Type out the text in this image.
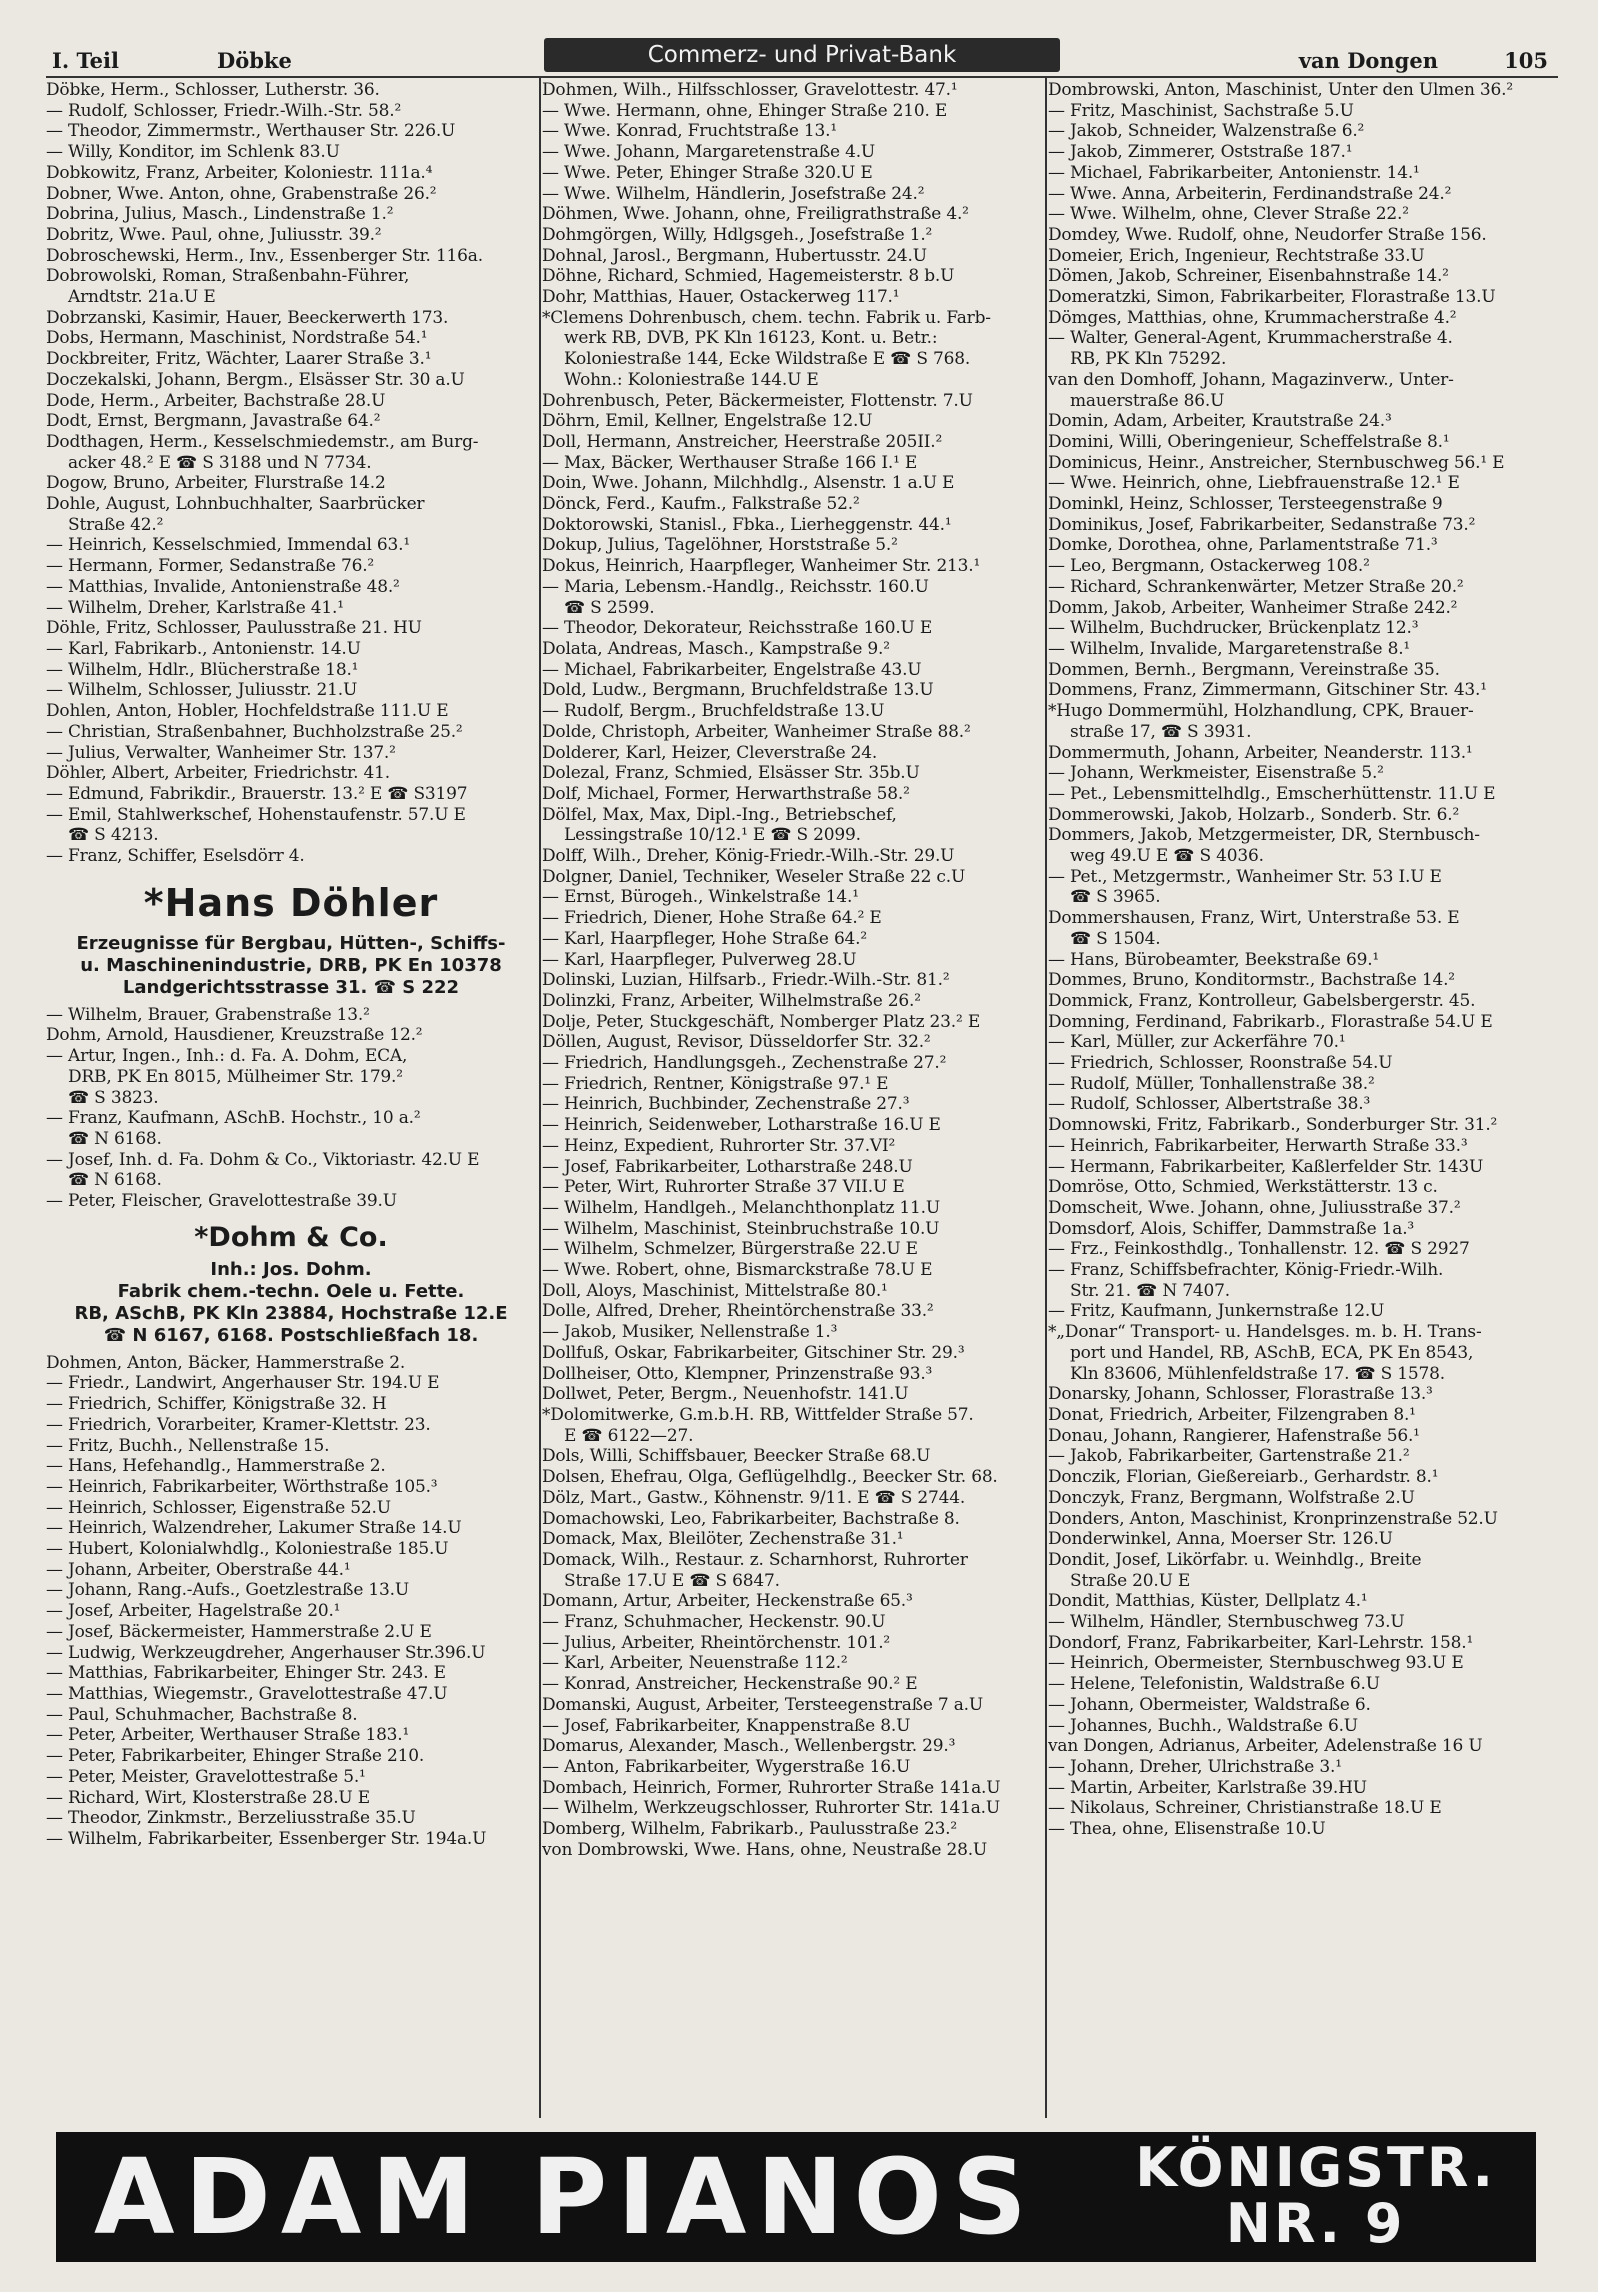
I. Teil	Döbke	Commerz- und Privat-Bank	van Dongen	105
Döbke, Herm., Schlosser, Lutherstr. 36.
— Rudolf, Schlosser, Friedr.-Wilh.-Str. 58.²
— Theodor, Zimmermstr., Werthauser Str. 226.U
— Willy, Konditor, im Schlenk 83.U
Dobkowitz, Franz, Arbeiter, Koloniestr. 111a.⁴
Dobner, Wwe. Anton, ohne, Grabenstraße 26.²
Dobrina, Julius, Masch., Lindenstraße 1.²
Dobritz, Wwe. Paul, ohne, Juliusstr. 39.²
Dobroschewski, Herm., Inv., Essenberger Str. 116a.
Dobrowolski, Roman, Straßenbahn-Führer,
Arndtstr. 21a.U E
Dobrzanski, Kasimir, Hauer, Beeckerwerth 173.
Dobs, Hermann, Maschinist, Nordstraße 54.¹
Dockbreiter, Fritz, Wächter, Laarer Straße 3.¹
Doczekalski, Johann, Bergm., Elsässer Str. 30 a.U
Dode, Herm., Arbeiter, Bachstraße 28.U
Dodt, Ernst, Bergmann, Javastraße 64.²
Dodthagen, Herm., Kesselschmiedemstr., am Burg-
acker 48.² E ☎ S 3188 und N 7734.
Dogow, Bruno, Arbeiter, Flurstraße 14.2
Dohle, August, Lohnbuchhalter, Saarbrücker
Straße 42.²
— Heinrich, Kesselschmied, Immendal 63.¹
— Hermann, Former, Sedanstraße 76.²
— Matthias, Invalide, Antonienstraße 48.²
— Wilhelm, Dreher, Karlstraße 41.¹
Döhle, Fritz, Schlosser, Paulusstraße 21. HU
— Karl, Fabrikarb., Antonienstr. 14.U
— Wilhelm, Hdlr., Blücherstraße 18.¹
— Wilhelm, Schlosser, Juliusstr. 21.U
Dohlen, Anton, Hobler, Hochfeldstraße 111.U E
— Christian, Straßenbahner, Buchholzstraße 25.²
— Julius, Verwalter, Wanheimer Str. 137.²
Döhler, Albert, Arbeiter, Friedrichstr. 41.
— Edmund, Fabrikdir., Brauerstr. 13.² E ☎ S3197
— Emil, Stahlwerkschef, Hohenstaufenstr. 57.U E
☎ S 4213.
— Franz, Schiffer, Eselsdörr 4.
*Hans Döhler
Erzeugnisse für Bergbau, Hütten-, Schiffs-
u. Maschinenindustrie, DRB, PK En 10378
Landgerichtsstrasse 31. ☎ S 222
— Wilhelm, Brauer, Grabenstraße 13.²
Dohm, Arnold, Hausdiener, Kreuzstraße 12.²
— Artur, Ingen., Inh.: d. Fa. A. Dohm, ECA,
DRB, PK En 8015, Mülheimer Str. 179.²
☎ S 3823.
— Franz, Kaufmann, ASchB. Hochstr., 10 a.²
☎ N 6168.
— Josef, Inh. d. Fa. Dohm & Co., Viktoriastr. 42.U E
☎ N 6168.
— Peter, Fleischer, Gravelottestraße 39.U
*Dohm & Co.
Inh.: Jos. Dohm.
Fabrik chem.-techn. Oele u. Fette.
RB, ASchB, PK Kln 23884, Hochstraße 12.E
☎ N 6167, 6168. Postschließfach 18.
Dohmen, Anton, Bäcker, Hammerstraße 2.
— Friedr., Landwirt, Angerhauser Str. 194.U E
— Friedrich, Schiffer, Königstraße 32. H
— Friedrich, Vorarbeiter, Kramer-Klettstr. 23.
— Fritz, Buchh., Nellenstraße 15.
— Hans, Hefehandlg., Hammerstraße 2.
— Heinrich, Fabrikarbeiter, Wörthstraße 105.³
— Heinrich, Schlosser, Eigenstraße 52.U
— Heinrich, Walzendreher, Lakumer Straße 14.U
— Hubert, Kolonialwhdlg., Koloniestraße 185.U
— Johann, Arbeiter, Oberstraße 44.¹
— Johann, Rang.-Aufs., Goetzlestraße 13.U
— Josef, Arbeiter, Hagelstraße 20.¹
— Josef, Bäckermeister, Hammerstraße 2.U E
— Ludwig, Werkzeugdreher, Angerhauser Str.396.U
— Matthias, Fabrikarbeiter, Ehinger Str. 243. E
— Matthias, Wiegemstr., Gravelottestraße 47.U
— Paul, Schuhmacher, Bachstraße 8.
— Peter, Arbeiter, Werthauser Straße 183.¹
— Peter, Fabrikarbeiter, Ehinger Straße 210.
— Peter, Meister, Gravelottestraße 5.¹
— Richard, Wirt, Klosterstraße 28.U E
— Theodor, Zinkmstr., Berzeliusstraße 35.U
— Wilhelm, Fabrikarbeiter, Essenberger Str. 194a.U
Dohmen, Wilh., Hilfsschlosser, Gravelottestr. 47.¹
— Wwe. Hermann, ohne, Ehinger Straße 210. E
— Wwe. Konrad, Fruchtstraße 13.¹
— Wwe. Johann, Margaretenstraße 4.U
— Wwe. Peter, Ehinger Straße 320.U E
— Wwe. Wilhelm, Händlerin, Josefstraße 24.²
Döhmen, Wwe. Johann, ohne, Freiligrathstraße 4.²
Dohmgörgen, Willy, Hdlgsgeh., Josefstraße 1.²
Dohnal, Jarosl., Bergmann, Hubertusstr. 24.U
Döhne, Richard, Schmied, Hagemeisterstr. 8 b.U
Dohr, Matthias, Hauer, Ostackerweg 117.¹
*Clemens Dohrenbusch, chem. techn. Fabrik u. Farb-
werk RB, DVB, PK Kln 16123, Kont. u. Betr.:
Koloniestraße 144, Ecke Wildstraße E ☎ S 768.
Wohn.: Koloniestraße 144.U E
Dohrenbusch, Peter, Bäckermeister, Flottenstr. 7.U
Döhrn, Emil, Kellner, Engelstraße 12.U
Doll, Hermann, Anstreicher, Heerstraße 205II.²
— Max, Bäcker, Werthauser Straße 166 I.¹ E
Doin, Wwe. Johann, Milchhdlg., Alsenstr. 1 a.U E
Dönck, Ferd., Kaufm., Falkstraße 52.²
Doktorowski, Stanisl., Fbka., Lierheggenstr. 44.¹
Dokup, Julius, Tagelöhner, Horststraße 5.²
Dokus, Heinrich, Haarpfleger, Wanheimer Str. 213.¹
— Maria, Lebensm.-Handlg., Reichsstr. 160.U
☎ S 2599.
— Theodor, Dekorateur, Reichsstraße 160.U E
Dolata, Andreas, Masch., Kampstraße 9.²
— Michael, Fabrikarbeiter, Engelstraße 43.U
Dold, Ludw., Bergmann, Bruchfeldstraße 13.U
— Rudolf, Bergm., Bruchfeldstraße 13.U
Dolde, Christoph, Arbeiter, Wanheimer Straße 88.²
Dolderer, Karl, Heizer, Cleverstraße 24.
Dolezal, Franz, Schmied, Elsässer Str. 35b.U
Dolf, Michael, Former, Herwarthstraße 58.²
Dölfel, Max, Max, Dipl.-Ing., Betriebschef,
Lessingstraße 10/12.¹ E ☎ S 2099.
Dolff, Wilh., Dreher, König-Friedr.-Wilh.-Str. 29.U
Dolgner, Daniel, Techniker, Weseler Straße 22 c.U
— Ernst, Bürogeh., Winkelstraße 14.¹
— Friedrich, Diener, Hohe Straße 64.² E
— Karl, Haarpfleger, Hohe Straße 64.²
— Karl, Haarpfleger, Pulverweg 28.U
Dolinski, Luzian, Hilfsarb., Friedr.-Wilh.-Str. 81.²
Dolinzki, Franz, Arbeiter, Wilhelmstraße 26.²
Dolje, Peter, Stuckgeschäft, Nomberger Platz 23.² E
Döllen, August, Revisor, Düsseldorfer Str. 32.²
— Friedrich, Handlungsgeh., Zechenstraße 27.²
— Friedrich, Rentner, Königstraße 97.¹ E
— Heinrich, Buchbinder, Zechenstraße 27.³
— Heinrich, Seidenweber, Lotharstraße 16.U E
— Heinz, Expedient, Ruhrorter Str. 37.VI²
— Josef, Fabrikarbeiter, Lotharstraße 248.U
— Peter, Wirt, Ruhrorter Straße 37 VII.U E
— Wilhelm, Handlgeh., Melanchthonplatz 11.U
— Wilhelm, Maschinist, Steinbruchstraße 10.U
— Wilhelm, Schmelzer, Bürgerstraße 22.U E
— Wwe. Robert, ohne, Bismarckstraße 78.U E
Doll, Aloys, Maschinist, Mittelstraße 80.¹
Dolle, Alfred, Dreher, Rheintörchenstraße 33.²
— Jakob, Musiker, Nellenstraße 1.³
Dollfuß, Oskar, Fabrikarbeiter, Gitschiner Str. 29.³
Dollheiser, Otto, Klempner, Prinzenstraße 93.³
Dollwet, Peter, Bergm., Neuenhofstr. 141.U
*Dolomitwerke, G.m.b.H. RB, Wittfelder Straße 57.
E ☎ 6122—27.
Dols, Willi, Schiffsbauer, Beecker Straße 68.U
Dolsen, Ehefrau, Olga, Geflügelhdlg., Beecker Str. 68.
Dölz, Mart., Gastw., Köhnenstr. 9/11. E ☎ S 2744.
Domachowski, Leo, Fabrikarbeiter, Bachstraße 8.
Domack, Max, Bleilöter, Zechenstraße 31.¹
Domack, Wilh., Restaur. z. Scharnhorst, Ruhrorter
Straße 17.U E ☎ S 6847.
Domann, Artur, Arbeiter, Heckenstraße 65.³
— Franz, Schuhmacher, Heckenstr. 90.U
— Julius, Arbeiter, Rheintörchenstr. 101.²
— Karl, Arbeiter, Neuenstraße 112.²
— Konrad, Anstreicher, Heckenstraße 90.² E
Domanski, August, Arbeiter, Tersteegenstraße 7 a.U
— Josef, Fabrikarbeiter, Knappenstraße 8.U
Domarus, Alexander, Masch., Wellenbergstr. 29.³
— Anton, Fabrikarbeiter, Wygerstraße 16.U
Dombach, Heinrich, Former, Ruhrorter Straße 141a.U
— Wilhelm, Werkzeugschlosser, Ruhrorter Str. 141a.U
Domberg, Wilhelm, Fabrikarb., Paulusstraße 23.²
von Dombrowski, Wwe. Hans, ohne, Neustraße 28.U
Dombrowski, Anton, Maschinist, Unter den Ulmen 36.²
— Fritz, Maschinist, Sachstraße 5.U
— Jakob, Schneider, Walzenstraße 6.²
— Jakob, Zimmerer, Oststraße 187.¹
— Michael, Fabrikarbeiter, Antonienstr. 14.¹
— Wwe. Anna, Arbeiterin, Ferdinandstraße 24.²
— Wwe. Wilhelm, ohne, Clever Straße 22.²
Domdey, Wwe. Rudolf, ohne, Neudorfer Straße 156.
Domeier, Erich, Ingenieur, Rechtstraße 33.U
Dömen, Jakob, Schreiner, Eisenbahnstraße 14.²
Domeratzki, Simon, Fabrikarbeiter, Florastraße 13.U
Dömges, Matthias, ohne, Krummacherstraße 4.²
— Walter, General-Agent, Krummacherstraße 4.
RB, PK Kln 75292.
van den Domhoff, Johann, Magazinverw., Unter-
mauerstraße 86.U
Domin, Adam, Arbeiter, Krautstraße 24.³
Domini, Willi, Oberingenieur, Scheffelstraße 8.¹
Dominicus, Heinr., Anstreicher, Sternbuschweg 56.¹ E
— Wwe. Heinrich, ohne, Liebfrauenstraße 12.¹ E
Dominkl, Heinz, Schlosser, Tersteegenstraße 9
Dominikus, Josef, Fabrikarbeiter, Sedanstraße 73.²
Domke, Dorothea, ohne, Parlamentstraße 71.³
— Leo, Bergmann, Ostackerweg 108.²
— Richard, Schrankenwärter, Metzer Straße 20.²
Domm, Jakob, Arbeiter, Wanheimer Straße 242.²
— Wilhelm, Buchdrucker, Brückenplatz 12.³
— Wilhelm, Invalide, Margaretenstraße 8.¹
Dommen, Bernh., Bergmann, Vereinstraße 35.
Dommens, Franz, Zimmermann, Gitschiner Str. 43.¹
*Hugo Dommermühl, Holzhandlung, CPK, Brauer-
straße 17, ☎ S 3931.
Dommermuth, Johann, Arbeiter, Neanderstr. 113.¹
— Johann, Werkmeister, Eisenstraße 5.²
— Pet., Lebensmittelhdlg., Emscherhüttenstr. 11.U E
Dommerowski, Jakob, Holzarb., Sonderb. Str. 6.²
Dommers, Jakob, Metzgermeister, DR, Sternbusch-
weg 49.U E ☎ S 4036.
— Pet., Metzgermstr., Wanheimer Str. 53 I.U E
☎ S 3965.
Dommershausen, Franz, Wirt, Unterstraße 53. E
☎ S 1504.
— Hans, Bürobeamter, Beekstraße 69.¹
Dommes, Bruno, Konditormstr., Bachstraße 14.²
Dommick, Franz, Kontrolleur, Gabelsbergerstr. 45.
Domning, Ferdinand, Fabrikarb., Florastraße 54.U E
— Karl, Müller, zur Ackerfähre 70.¹
— Friedrich, Schlosser, Roonstraße 54.U
— Rudolf, Müller, Tonhallenstraße 38.²
— Rudolf, Schlosser, Albertstraße 38.³
Domnowski, Fritz, Fabrikarb., Sonderburger Str. 31.²
— Heinrich, Fabrikarbeiter, Herwarth Straße 33.³
— Hermann, Fabrikarbeiter, Kaßlerfelder Str. 143U
Domröse, Otto, Schmied, Werkstätterstr. 13 c.
Domscheit, Wwe. Johann, ohne, Juliusstraße 37.²
Domsdorf, Alois, Schiffer, Dammstraße 1a.³
— Frz., Feinkosthdlg., Tonhallenstr. 12. ☎ S 2927
— Franz, Schiffsbefrachter, König-Friedr.-Wilh.
Str. 21. ☎ N 7407.
— Fritz, Kaufmann, Junkernstraße 12.U
*„Donar“ Transport- u. Handelsges. m. b. H. Trans-
port und Handel, RB, ASchB, ECA, PK En 8543,
Kln 83606, Mühlenfeldstraße 17. ☎ S 1578.
Donarsky, Johann, Schlosser, Florastraße 13.³
Donat, Friedrich, Arbeiter, Filzengraben 8.¹
Donau, Johann, Rangierer, Hafenstraße 56.¹
— Jakob, Fabrikarbeiter, Gartenstraße 21.²
Donczik, Florian, Gießereiarb., Gerhardstr. 8.¹
Donczyk, Franz, Bergmann, Wolfstraße 2.U
Donders, Anton, Maschinist, Kronprinzenstraße 52.U
Donderwinkel, Anna, Moerser Str. 126.U
Dondit, Josef, Likörfabr. u. Weinhdlg., Breite
Straße 20.U E
Dondit, Matthias, Küster, Dellplatz 4.¹
— Wilhelm, Händler, Sternbuschweg 73.U
Dondorf, Franz, Fabrikarbeiter, Karl-Lehrstr. 158.¹
— Heinrich, Obermeister, Sternbuschweg 93.U E
— Helene, Telefonistin, Waldstraße 6.U
— Johann, Obermeister, Waldstraße 6.
— Johannes, Buchh., Waldstraße 6.U
van Dongen, Adrianus, Arbeiter, Adelenstraße 16 U
— Johann, Dreher, Ulrichstraße 3.¹
— Martin, Arbeiter, Karlstraße 39.HU
— Nikolaus, Schreiner, Christianstraße 18.U E
— Thea, ohne, Elisenstraße 10.U
ADAM PIANOS KÖNIGSTR.
NR. 9
